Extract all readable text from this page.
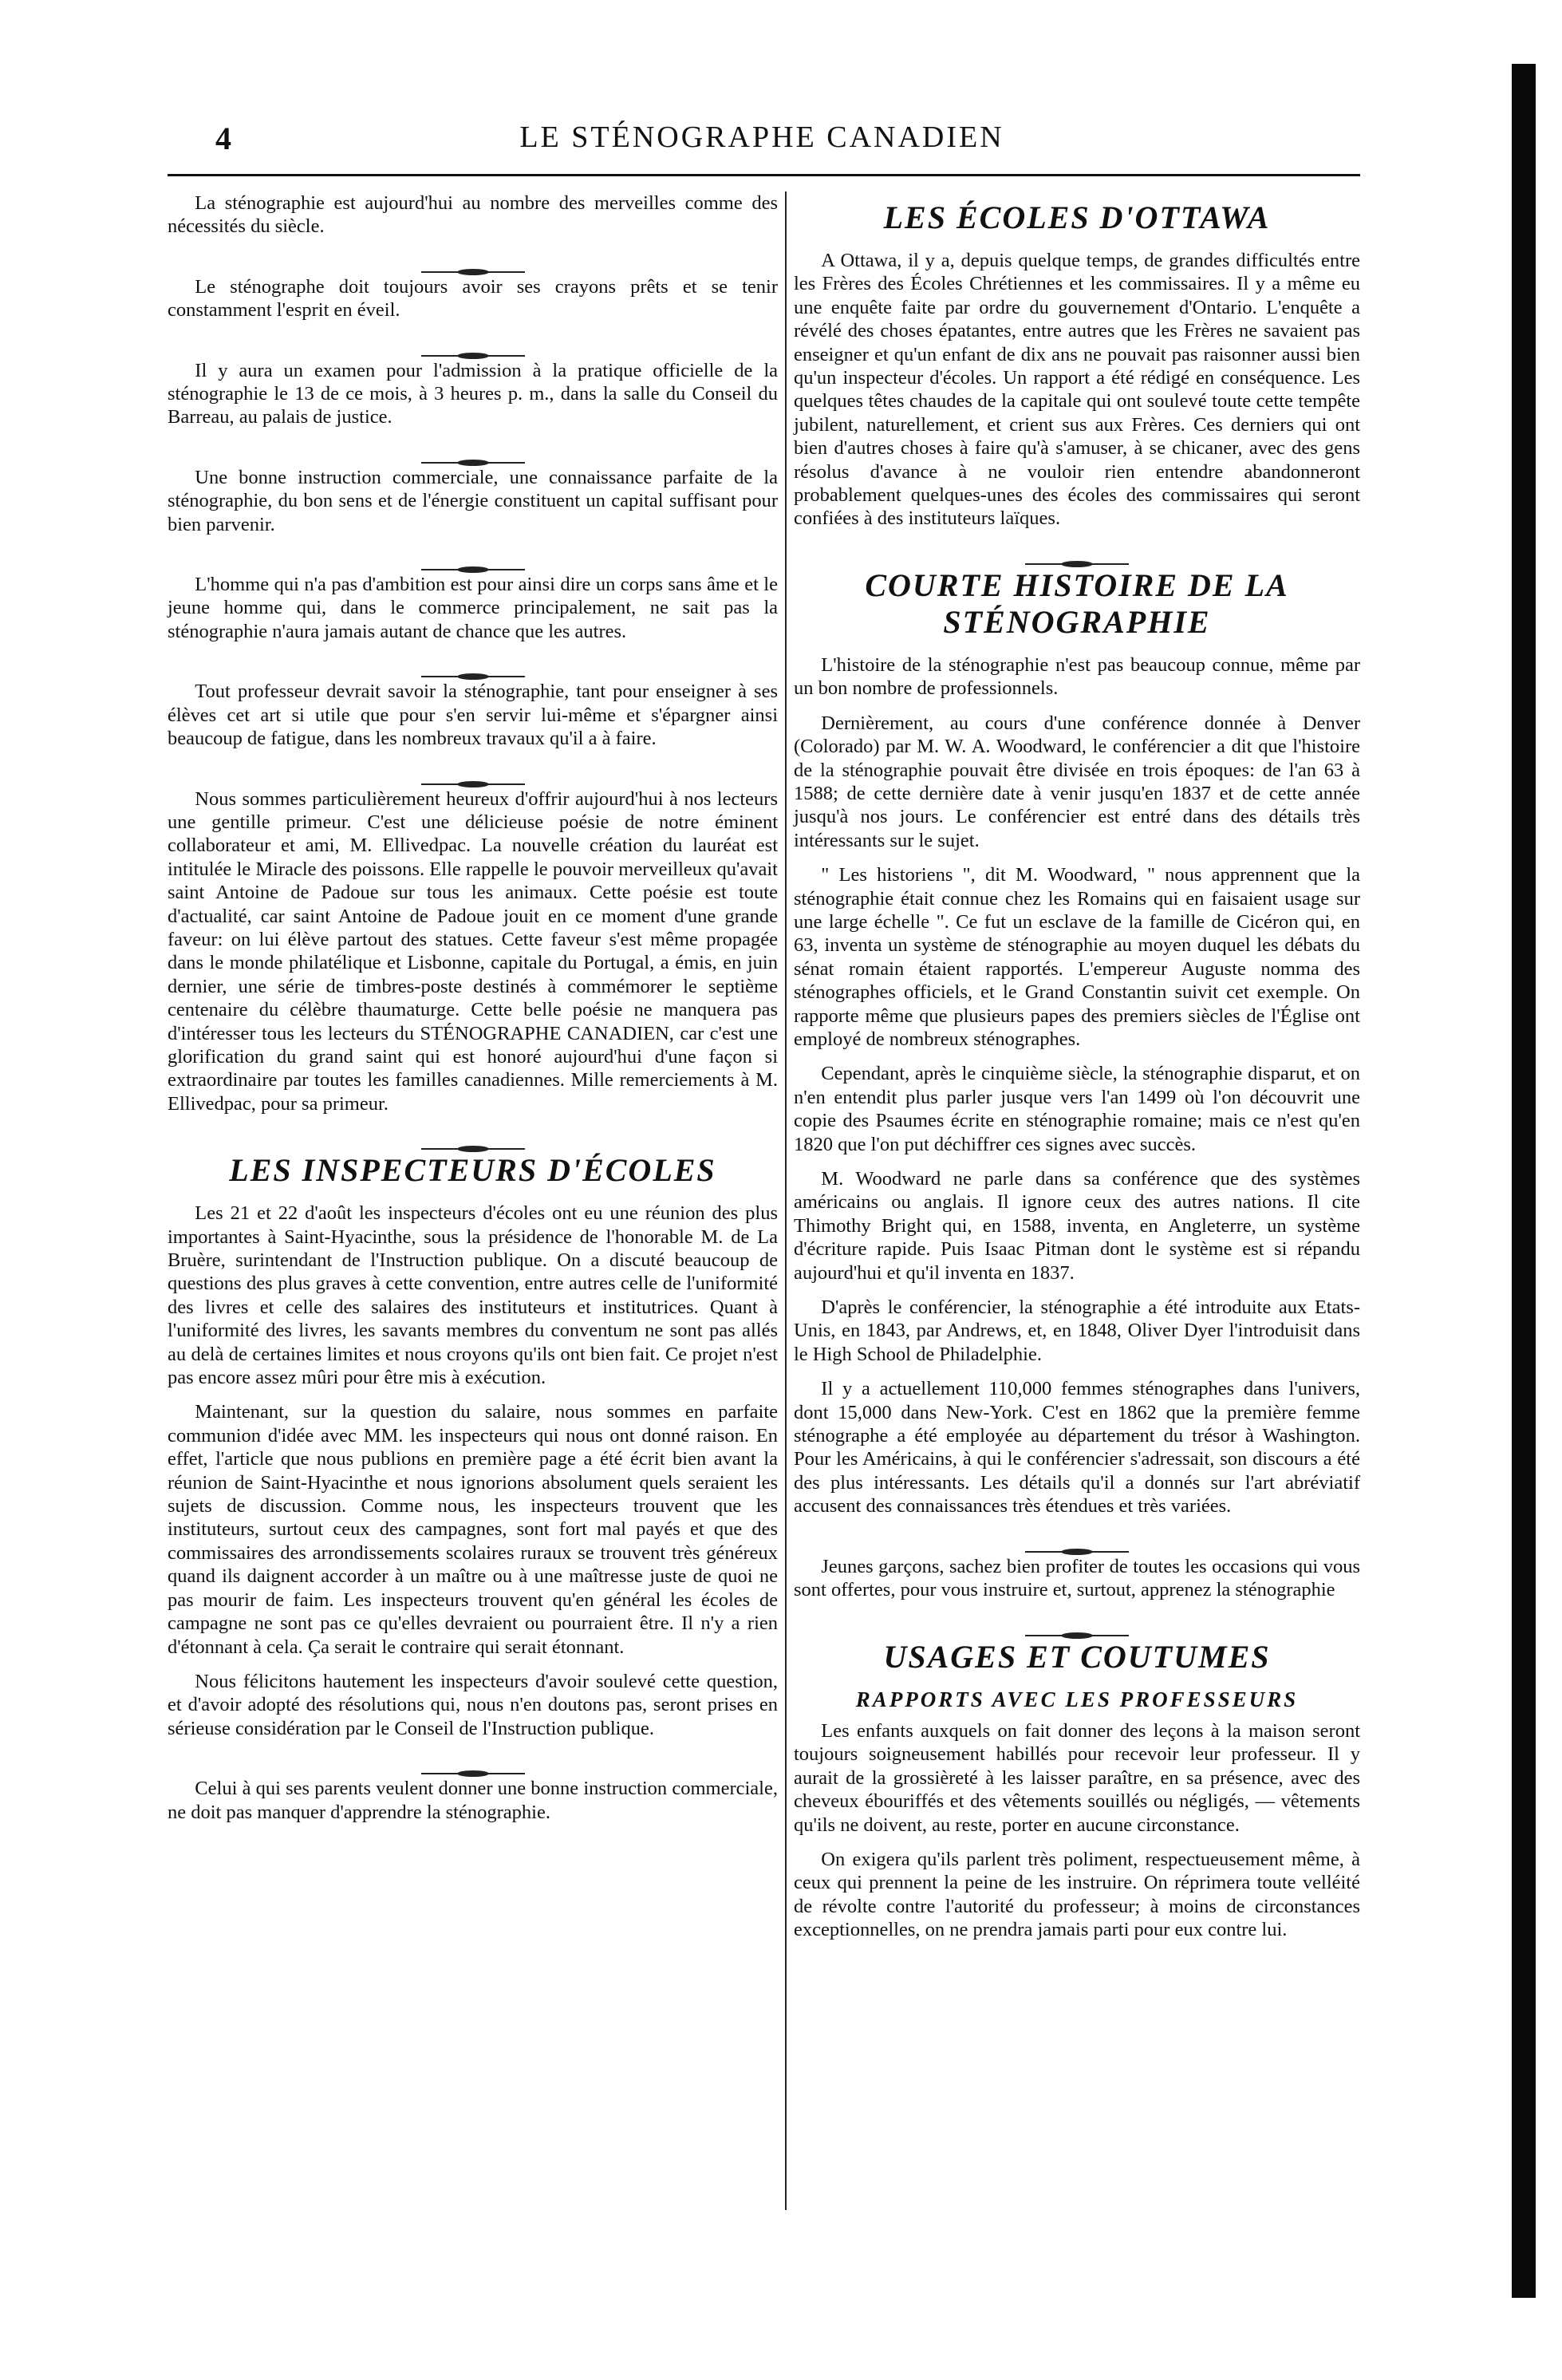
4	LE STÉNOGRAPHE CANADIEN

La sténographie est aujourd'hui au nombre des merveilles comme des nécessités du siècle.

Le sténographe doit toujours avoir ses crayons prêts et se tenir constamment l'esprit en éveil.

Il y aura un examen pour l'admission à la pratique officielle de la sténographie le 13 de ce mois, à 3 heures p. m., dans la salle du Conseil du Barreau, au palais de justice.

Une bonne instruction commerciale, une connaissance parfaite de la sténographie, du bon sens et de l'énergie constituent un capital suffisant pour bien parvenir.

L'homme qui n'a pas d'ambition est pour ainsi dire un corps sans âme et le jeune homme qui, dans le commerce principalement, ne sait pas la sténographie n'aura jamais autant de chance que les autres.

Tout professeur devrait savoir la sténographie, tant pour enseigner à ses élèves cet art si utile que pour s'en servir lui-même et s'épargner ainsi beaucoup de fatigue, dans les nombreux travaux qu'il a à faire.

Nous sommes particulièrement heureux d'offrir aujourd'hui à nos lecteurs une gentille primeur. C'est une délicieuse poésie de notre éminent collaborateur et ami, M. Ellivedpac. La nouvelle création du lauréat est intitulée le Miracle des poissons. Elle rappelle le pouvoir merveilleux qu'avait saint Antoine de Padoue sur tous les animaux. Cette poésie est toute d'actualité, car saint Antoine de Padoue jouit en ce moment d'une grande faveur: on lui élève partout des statues. Cette faveur s'est même propagée dans le monde philatélique et Lisbonne, capitale du Portugal, a émis, en juin dernier, une série de timbres-poste destinés à commémorer le septième centenaire du célèbre thaumaturge. Cette belle poésie ne manquera pas d'intéresser tous les lecteurs du STÉNOGRAPHE CANADIEN, car c'est une glorification du grand saint qui est honoré aujourd'hui d'une façon si extraordinaire par toutes les familles canadiennes. Mille remerciements à M. Ellivedpac, pour sa primeur.

LES INSPECTEURS D'ÉCOLES

Les 21 et 22 d'août les inspecteurs d'écoles ont eu une réunion des plus importantes à Saint-Hyacinthe, sous la présidence de l'honorable M. de La Bruère, surintendant de l'Instruction publique. On a discuté beaucoup de questions des plus graves à cette convention, entre autres celle de l'uniformité des livres et celle des salaires des instituteurs et institutrices. Quant à l'uniformité des livres, les savants membres du conventum ne sont pas allés au delà de certaines limites et nous croyons qu'ils ont bien fait. Ce projet n'est pas encore assez mûri pour être mis à exécution.

Maintenant, sur la question du salaire, nous sommes en parfaite communion d'idée avec MM. les inspecteurs qui nous ont donné raison. En effet, l'article que nous publions en première page a été écrit bien avant la réunion de Saint-Hyacinthe et nous ignorions absolument quels seraient les sujets de discussion. Comme nous, les inspecteurs trouvent que les instituteurs, surtout ceux des campagnes, sont fort mal payés et que des commissaires des arrondissements scolaires ruraux se trouvent très généreux quand ils daignent accorder à un maître ou à une maîtresse juste de quoi ne pas mourir de faim. Les inspecteurs trouvent qu'en général les écoles de campagne ne sont pas ce qu'elles devraient ou pourraient être. Il n'y a rien d'étonnant à cela. Ça serait le contraire qui serait étonnant.

Nous félicitons hautement les inspecteurs d'avoir soulevé cette question, et d'avoir adopté des résolutions qui, nous n'en doutons pas, seront prises en sérieuse considération par le Conseil de l'Instruction publique.

Celui à qui ses parents veulent donner une bonne instruction commerciale, ne doit pas manquer d'apprendre la sténographie.

LES ÉCOLES D'OTTAWA

A Ottawa, il y a, depuis quelque temps, de grandes difficultés entre les Frères des Écoles Chrétiennes et les commissaires. Il y a même eu une enquête faite par ordre du gouvernement d'Ontario. L'enquête a révélé des choses épatantes, entre autres que les Frères ne savaient pas enseigner et qu'un enfant de dix ans ne pouvait pas raisonner aussi bien qu'un inspecteur d'écoles. Un rapport a été rédigé en conséquence. Les quelques têtes chaudes de la capitale qui ont soulevé toute cette tempête jubilent, naturellement, et crient sus aux Frères. Ces derniers qui ont bien d'autres choses à faire qu'à s'amuser, à se chicaner, avec des gens résolus d'avance à ne vouloir rien entendre abandonneront probablement quelques-unes des écoles des commissaires qui seront confiées à des instituteurs laïques.

COURTE HISTOIRE DE LA STÉNOGRAPHIE

L'histoire de la sténographie n'est pas beaucoup connue, même par un bon nombre de professionnels.

Dernièrement, au cours d'une conférence donnée à Denver (Colorado) par M. W. A. Woodward, le conférencier a dit que l'histoire de la sténographie pouvait être divisée en trois époques: de l'an 63 à 1588; de cette dernière date à venir jusqu'en 1837 et de cette année jusqu'à nos jours. Le conférencier est entré dans des détails très intéressants sur le sujet.

" Les historiens ", dit M. Woodward, " nous apprennent que la sténographie était connue chez les Romains qui en faisaient usage sur une large échelle ". Ce fut un esclave de la famille de Cicéron qui, en 63, inventa un système de sténographie au moyen duquel les débats du sénat romain étaient rapportés. L'empereur Auguste nomma des sténographes officiels, et le Grand Constantin suivit cet exemple. On rapporte même que plusieurs papes des premiers siècles de l'Église ont employé de nombreux sténographes.

Cependant, après le cinquième siècle, la sténographie disparut, et on n'en entendit plus parler jusque vers l'an 1499 où l'on découvrit une copie des Psaumes écrite en sténographie romaine; mais ce n'est qu'en 1820 que l'on put déchiffrer ces signes avec succès.

M. Woodward ne parle dans sa conférence que des systèmes américains ou anglais. Il ignore ceux des autres nations. Il cite Thimothy Bright qui, en 1588, inventa, en Angleterre, un système d'écriture rapide. Puis Isaac Pitman dont le système est si répandu aujourd'hui et qu'il inventa en 1837.

D'après le conférencier, la sténographie a été introduite aux Etats-Unis, en 1843, par Andrews, et, en 1848, Oliver Dyer l'introduisit dans le High School de Philadelphie.

Il y a actuellement 110,000 femmes sténographes dans l'univers, dont 15,000 dans New-York. C'est en 1862 que la première femme sténographe a été employée au département du trésor à Washington. Pour les Américains, à qui le conférencier s'adressait, son discours a été des plus intéressants. Les détails qu'il a donnés sur l'art abréviatif accusent des connaissances très étendues et très variées.

Jeunes garçons, sachez bien profiter de toutes les occasions qui vous sont offertes, pour vous instruire et, surtout, apprenez la sténographie

USAGES ET COUTUMES
RAPPORTS AVEC LES PROFESSEURS

Les enfants auxquels on fait donner des leçons à la maison seront toujours soigneusement habillés pour recevoir leur professeur. Il y aurait de la grossièreté à les laisser paraître, en sa présence, avec des cheveux ébouriffés et des vêtements souillés ou négligés, — vêtements qu'ils ne doivent, au reste, porter en aucune circonstance.

On exigera qu'ils parlent très poliment, respectueusement même, à ceux qui prennent la peine de les instruire. On réprimera toute velléité de révolte contre l'autorité du professeur; à moins de circonstances exceptionnelles, on ne prendra jamais parti pour eux contre lui.
